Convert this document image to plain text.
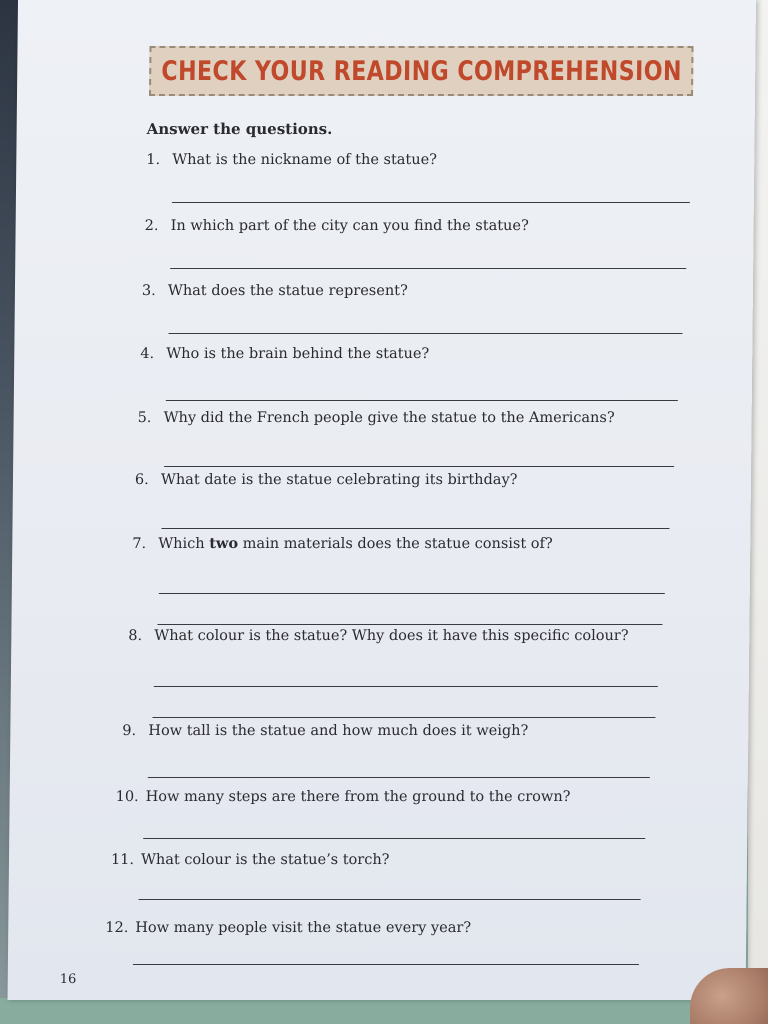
CHECK YOUR READING COMPREHENSION
Answer the questions.
1. What is the nickname of the statue?
2. In which part of the city can you find the statue?
3. What does the statue represent?
4. Who is the brain behind the statue?
5. Why did the French people give the statue to the Americans?
6. What date is the statue celebrating its birthday?
7. Which two main materials does the statue consist of?
8. What colour is the statue? Why does it have this specific colour?
9. How tall is the statue and how much does it weigh?
10. How many steps are there from the ground to the crown?
11. What colour is the statue’s torch?
12. How many people visit the statue every year?
16
